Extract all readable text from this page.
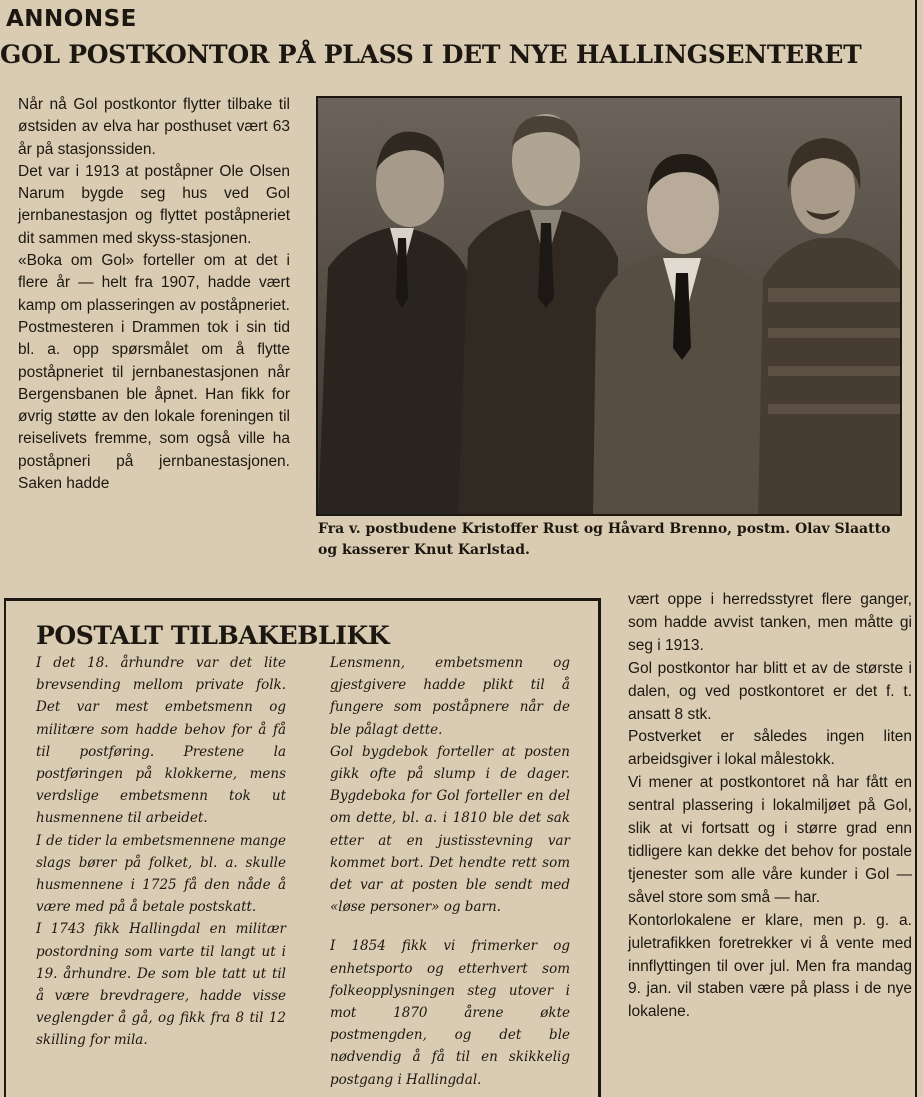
ANNONSE
GOL POSTKONTOR PÅ PLASS I DET NYE HALLINGSENTERET

Når nå Gol postkontor flytter tilbake til østsiden av elva har posthuset vært 63 år på stasjonssiden.

Det var i 1913 at poståpner Ole Olsen Narum bygde seg hus ved Gol jernbanestasjon og flyttet poståpneriet dit sammen med skyss-stasjonen.

«Boka om Gol» forteller om at det i flere år — helt fra 1907, hadde vært kamp om plasseringen av poståpneriet. Postmesteren i Drammen tok i sin tid bl. a. opp spørsmålet om å flytte poståpneriet til jernbanestasjonen når Bergensbanen ble åpnet. Han fikk for øvrig støtte av den lokale foreningen til reiselivets fremme, som også ville ha poståpneri på jernbanestasjonen. Saken hadde

Fra v. postbudene Kristoffer Rust og Håvard Brenno, postm. Olav Slaatto og kasserer Knut Karlstad.
POSTALT TILBAKEBLIKK

I det 18. århundre var det lite brevsending mellom private folk. Det var mest embetsmenn og militære som hadde behov for å få til postføring. Prestene la postføringen på klokkerne, mens verdslige embetsmenn tok ut husmennene til arbeidet.

I de tider la embetsmennene mange slags bører på folket, bl. a. skulle husmennene i 1725 få den nåde å være med på å betale postskatt.

I 1743 fikk Hallingdal en militær postordning som varte til langt ut i 19. århundre. De som ble tatt ut til å være brevdragere, hadde visse veglengder å gå, og fikk fra 8 til 12 skilling for mila.

Lensmenn, embetsmenn og gjestgivere hadde plikt til å fungere som poståpnere når de ble pålagt dette.

Gol bygdebok forteller at posten gikk ofte på slump i de dager. Bygdeboka for Gol forteller en del om dette, bl. a. i 1810 ble det sak etter at en justisstevning var kommet bort. Det hendte rett som det var at posten ble sendt med «løse personer» og barn.

I 1854 fikk vi frimerker og enhetsporto og etterhvert som folkeopplysningen steg utover i mot 1870 årene økte postmengden, og det ble nødvendig å få til en skikkelig postgang i Hallingdal.

vært oppe i herredsstyret flere ganger, som hadde avvist tanken, men måtte gi seg i 1913.

Gol postkontor har blitt et av de største i dalen, og ved postkontoret er det f. t. ansatt 8 stk.

Postverket er således ingen liten arbeidsgiver i lokal målestokk.

Vi mener at postkontoret nå har fått en sentral plassering i lokalmiljøet på Gol, slik at vi fortsatt og i større grad enn tidligere kan dekke det behov for postale tjenester som alle våre kunder i Gol — såvel store som små — har.

Kontorlokalene er klare, men p. g. a. juletrafikken foretrekker vi å vente med innflyttingen til over jul. Men fra mandag 9. jan. vil staben være på plass i de nye lokalene.
